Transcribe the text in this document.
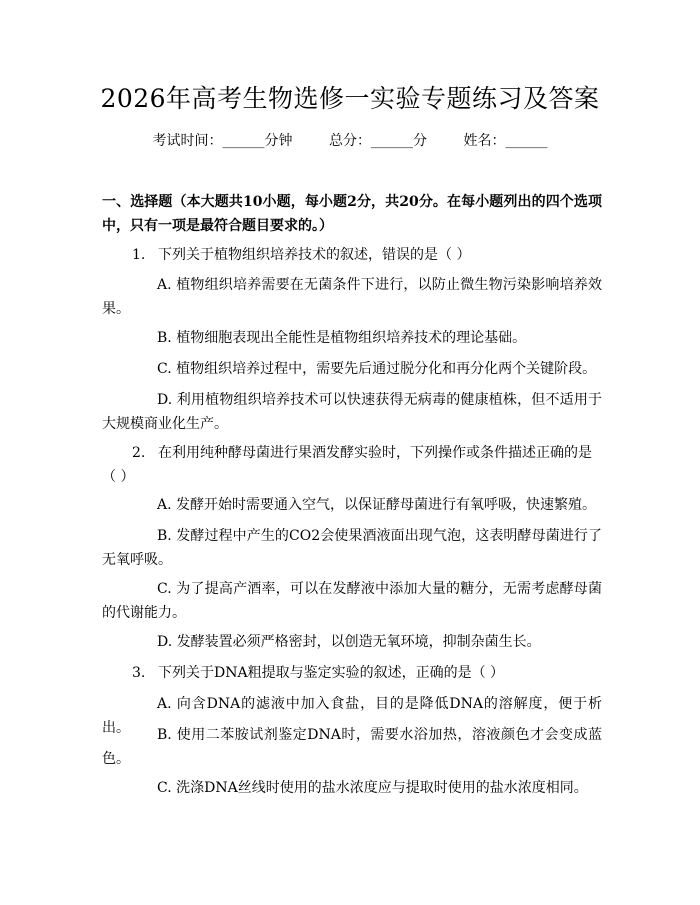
2026年高考生物选修一实验专题练习及答案
考试时间：______分钟	总分：______分	姓名：______
一、选择题（本大题共10小题，每小题2分，共20分。在每小题列出的四个选项中，只有一项是最符合题目要求的。）
1. 下列关于植物组织培养技术的叙述，错误的是（ ）
A. 植物组织培养需要在无菌条件下进行，以防止微生物污染影响培养效果。
B. 植物细胞表现出全能性是植物组织培养技术的理论基础。
C. 植物组织培养过程中，需要先后通过脱分化和再分化两个关键阶段。
D. 利用植物组织培养技术可以快速获得无病毒的健康植株，但不适用于大规模商业化生产。
2. 在利用纯种酵母菌进行果酒发酵实验时，下列操作或条件描述正确的是（ ）
A. 发酵开始时需要通入空气，以保证酵母菌进行有氧呼吸，快速繁殖。
B. 发酵过程中产生的CO2会使果酒液面出现气泡，这表明酵母菌进行了无氧呼吸。
C. 为了提高产酒率，可以在发酵液中添加大量的糖分，无需考虑酵母菌的代谢能力。
D. 发酵装置必须严格密封，以创造无氧环境，抑制杂菌生长。
3. 下列关于DNA粗提取与鉴定实验的叙述，正确的是（ ）
A. 向含DNA的滤液中加入食盐，目的是降低DNA的溶解度，便于析出。	B. 使用二苯胺试剂鉴定DNA时，需要水浴加热，溶液颜色才会变成蓝色。
C. 洗涤DNA丝线时使用的盐水浓度应与提取时使用的盐水浓度相同。
